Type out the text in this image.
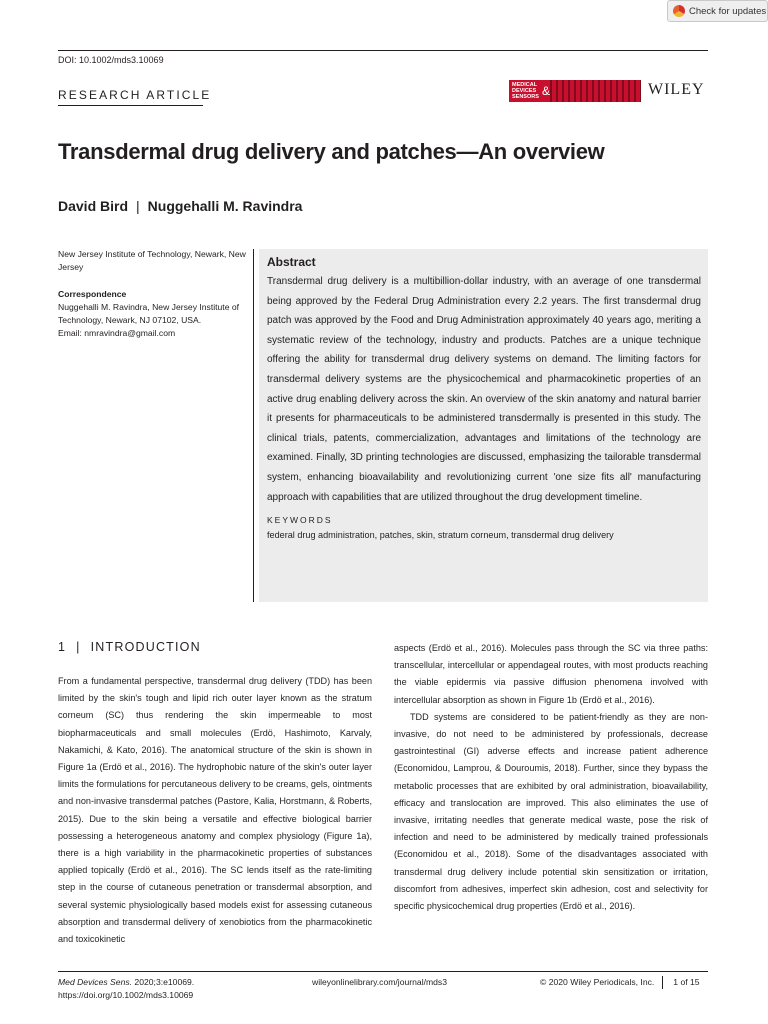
Check for updates
DOI: 10.1002/mds3.10069
RESEARCH ARTICLE
MEDICAL DEVICES SENSORS &	WILEY
Transdermal drug delivery and patches—An overview
David Bird | Nuggehalli M. Ravindra
New Jersey Institute of Technology, Newark, New Jersey
Correspondence
Nuggehalli M. Ravindra, New Jersey Institute of Technology, Newark, NJ 07102, USA.
Email: nmravindra@gmail.com
Abstract
Transdermal drug delivery is a multibillion-dollar industry, with an average of one transdermal being approved by the Federal Drug Administration every 2.2 years. The first transdermal drug patch was approved by the Food and Drug Administration approximately 40 years ago, meriting a systematic review of the technology, industry and products. Patches are a unique technique offering the ability for transdermal drug delivery systems on demand. The limiting factors for transdermal delivery systems are the physicochemical and pharmacokinetic properties of an active drug enabling delivery across the skin. An overview of the skin anatomy and natural barrier it presents for pharmaceuticals to be administered transdermally is presented in this study. The clinical trials, patents, commercialization, advantages and limitations of the technology are examined. Finally, 3D printing technologies are discussed, emphasizing the tailorable transdermal system, enhancing bioavailability and revolutionizing current 'one size fits all' manufacturing approach with capabilities that are utilized throughout the drug development timeline.
KEYWORDS
federal drug administration, patches, skin, stratum corneum, transdermal drug delivery
1 | INTRODUCTION

From a fundamental perspective, transdermal drug delivery (TDD) has been limited by the skin's tough and lipid rich outer layer known as the stratum corneum (SC) thus rendering the skin impermeable to most biopharmaceuticals and small molecules (Erdö, Hashimoto, Karvaly, Nakamichi, & Kato, 2016). The anatomical structure of the skin is shown in Figure 1a (Erdö et al., 2016). The hydrophobic nature of the skin's outer layer limits the formulations for percutaneous delivery to be creams, gels, ointments and non-invasive transdermal patches (Pastore, Kalia, Horstmann, & Roberts, 2015). Due to the skin being a versatile and effective biological barrier possessing a heterogeneous anatomy and complex physiology (Figure 1a), there is a high variability in the pharmacokinetic properties of substances applied topically (Erdö et al., 2016). The SC lends itself as the rate-limiting step in the course of cutaneous penetration or transdermal absorption, and several systemic physiologically based models exist for assessing cutaneous absorption and transdermal delivery of xenobiotics from the pharmacokinetic and toxicokinetic

aspects (Erdö et al., 2016). Molecules pass through the SC via three paths: transcellular, intercellular or appendageal routes, with most products reaching the viable epidermis via passive diffusion phenomena involved with intercellular absorption as shown in Figure 1b (Erdö et al., 2016).

TDD systems are considered to be patient-friendly as they are non-invasive, do not need to be administered by professionals, decrease gastrointestinal (GI) adverse effects and increase patient adherence (Economidou, Lamprou, & Douroumis, 2018). Further, since they bypass the metabolic processes that are exhibited by oral administration, bioavailability, efficacy and translocation are improved. This also eliminates the use of invasive, irritating needles that generate medical waste, pose the risk of infection and need to be administered by medically trained professionals (Economidou et al., 2018). Some of the disadvantages associated with transdermal drug delivery include potential skin sensitization or irritation, discomfort from adhesives, imperfect skin adhesion, cost and selectivity for specific physicochemical drug properties (Erdö et al., 2016).

Med Devices Sens. 2020;3:e10069.
https://doi.org/10.1002/mds3.10069
wileyonlinelibrary.com/journal/mds3	© 2020 Wiley Periodicals, Inc.	1 of 15
